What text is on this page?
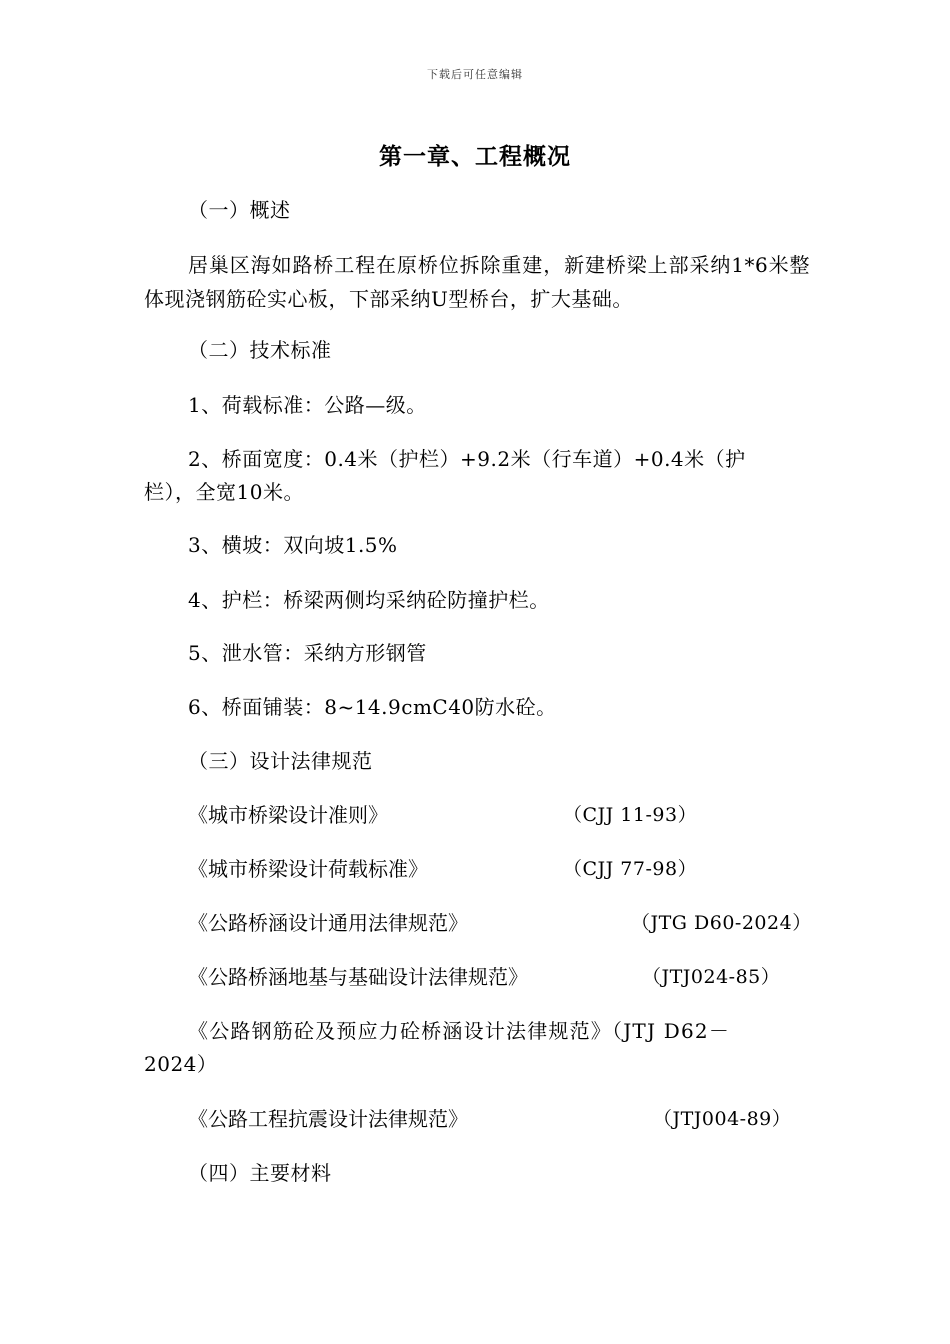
下载后可任意编辑
第一章、工程概况
（一）概述
居巢区海如路桥工程在原桥位拆除重建，新建桥梁上部采纳1*6米整体现浇钢筋砼实心板，下部采纳U型桥台，扩大基础。
（二）技术标准
1、荷载标准：公路—级。
2、桥面宽度：0.4米（护栏）+9.2米（行车道）+0.4米（护
栏），全宽10米。
3、横坡：双向坡1.5%
4、护栏：桥梁两侧均采纳砼防撞护栏。
5、泄水管：采纳方形钢管
6、桥面铺装：8~14.9cmC40防水砼。
（三）设计法律规范
《城市桥梁设计准则》	（CJJ 11-93）
《城市桥梁设计荷载标准》	（CJJ 77-98）
《公路桥涵设计通用法律规范》	（JTG D60-2024）
《公路桥涵地基与基础设计法律规范》	（JTJ024-85）
《公路钢筋砼及预应力砼桥涵设计法律规范》（JTJ D62－
2024）
《公路工程抗震设计法律规范》	（JTJ004-89）
（四）主要材料
